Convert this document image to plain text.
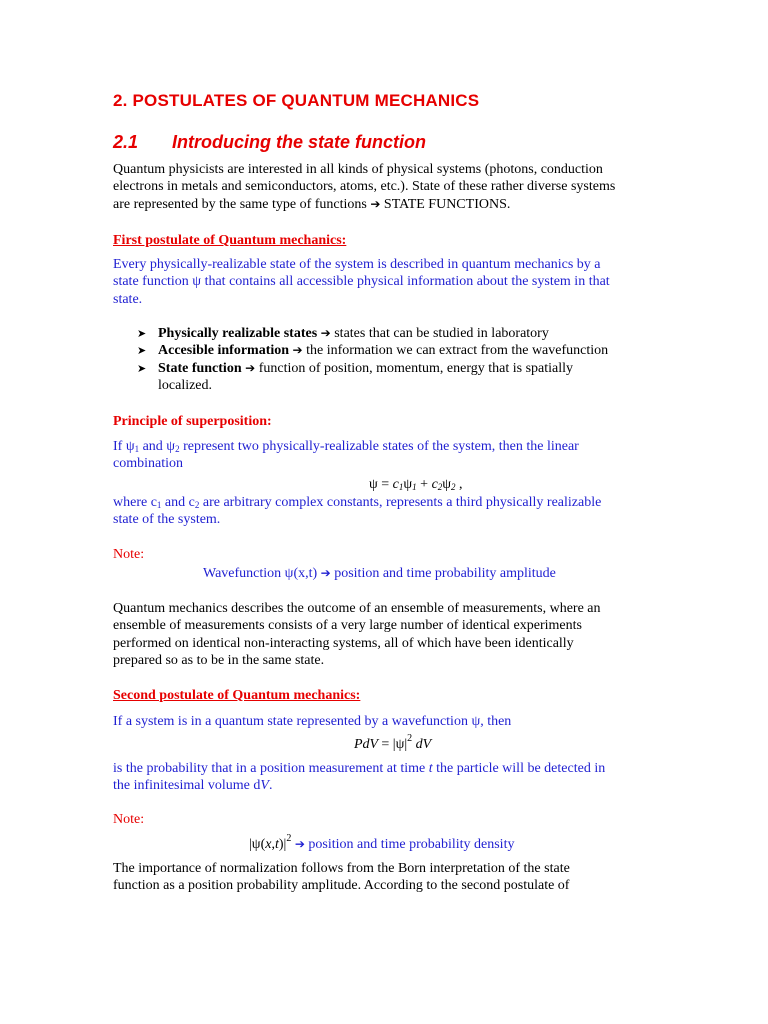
2. POSTULATES OF QUANTUM MECHANICS
2.1 Introducing the state function
Quantum physicists are interested in all kinds of physical systems (photons, conduction
electrons in metals and semiconductors, atoms, etc.). State of these rather diverse systems
are represented by the same type of functions ➔ STATE FUNCTIONS.
First postulate of Quantum mechanics:
Every physically-realizable state of the system is described in quantum mechanics by a
state function ψ that contains all accessible physical information about the system in that
state.
➤ Physically realizable states ➔ states that can be studied in laboratory
➤ Accesible information ➔ the information we can extract from the wavefunction
➤ State function ➔ function of position, momentum, energy that is spatially
localized.
Principle of superposition:
If $\psi_1$ and $\psi_2$ represent two physically-realizable states of the system, then the linear
combination
$\psi = c_1\psi_1 + c_2\psi_2$ ,
where $c_1$ and $c_2$ are arbitrary complex constants, represents a third physically realizable
state of the system.
Note:
Wavefunction ψ(x,t) ➔ position and time probability amplitude
Quantum mechanics describes the outcome of an ensemble of measurements, where an
ensemble of measurements consists of a very large number of identical experiments
performed on identical non-interacting systems, all of which have been identically
prepared so as to be in the same state.
Second postulate of Quantum mechanics:
If a system is in a quantum state represented by a wavefunction ψ, then
PdV = $|\psi|^2$ dV
is the probability that in a position measurement at time t the particle will be detected in
the infinitesimal volume dV.
Note:
$|\psi(x,t)|^2$ ➔ position and time probability density
The importance of normalization follows from the Born interpretation of the state
function as a position probability amplitude. According to the second postulate of
